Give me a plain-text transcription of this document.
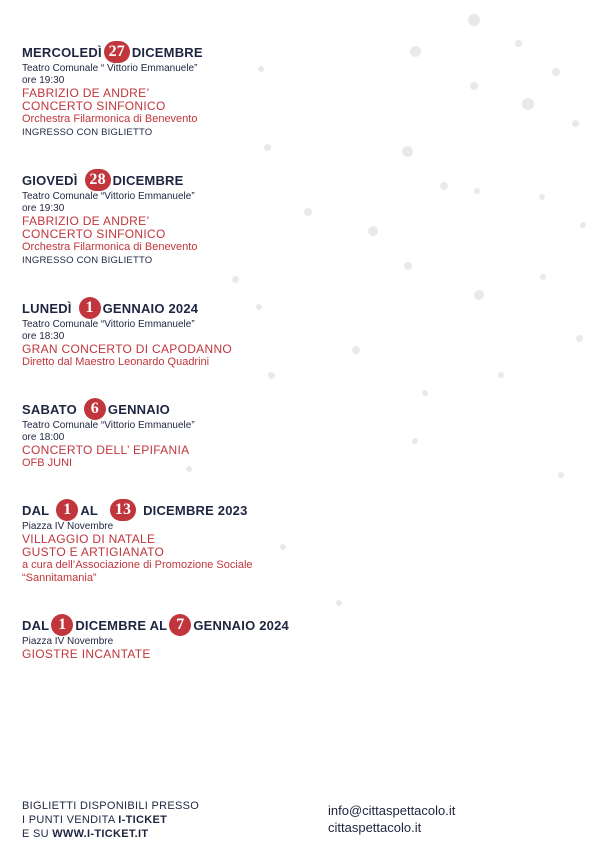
MERCOLEDÌ 27 DICEMBRE
Teatro Comunale “ Vittorio Emmanuele”
ore 19:30
FABRIZIO DE ANDRE’
CONCERTO SINFONICO
Orchestra Filarmonica di Benevento
INGRESSO CON BIGLIETTO
GIOVEDÌ 28 DICEMBRE
Teatro Comunale “Vittorio Emmanuele”
ore 19:30
FABRIZIO DE ANDRE’
CONCERTO SINFONICO
Orchestra Filarmonica di Benevento
INGRESSO CON BIGLIETTO
LUNEDÌ 1 GENNAIO 2024
Teatro Comunale “Vittorio Emmanuele”
ore 18:30
GRAN CONCERTO DI CAPODANNO
Diretto dal Maestro Leonardo Quadrini
SABATO 6 GENNAIO
Teatro Comunale “Vittorio Emmanuele”
ore 18:00
CONCERTO DELL’ EPIFANIA
OFB JUNI
DAL 1 AL 13 DICEMBRE 2023
Piazza IV Novembre
VILLAGGIO DI NATALE
GUSTO E ARTIGIANATO
a cura dell’Associazione di Promozione Sociale
“Sannitamania”
DAL 1 DICEMBRE AL 7 GENNAIO 2024
Piazza IV Novembre
GIOSTRE INCANTATE
BIGLIETTI DISPONIBILI PRESSO
I PUNTI VENDITA I-TICKET
E SU WWW.I-TICKET.IT
info@cittaspettacolo.it
cittaspettacolo.it
